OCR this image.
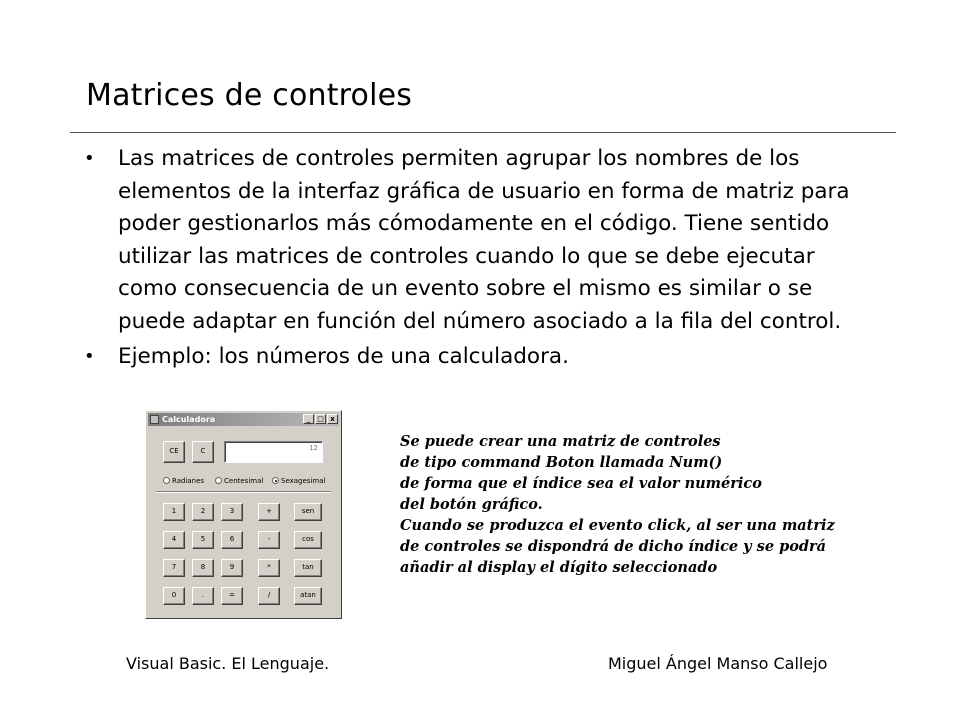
Matrices de controles
• Las matrices de controles permiten agrupar los nombres de los elementos de la interfaz gráfica de usuario en forma de matriz para poder gestionarlos más cómodamente en el código. Tiene sentido utilizar las matrices de controles cuando lo que se debe ejecutar como consecuencia de un evento sobre el mismo es similar o se puede adaptar en función del número asociado a la fila del control.
• Ejemplo: los números de una calculadora.
Calculadora	_ □ x
CE	C	12
Radianes	Centesimal	Sexagesimal
1	2	3	+	sen
4	5	6	-	cos
7	8	9	*	tan
0	.	=	/	atan
Se puede crear una matriz de controles
de tipo command Boton llamada Num()
de forma que el índice sea el valor numérico
del botón gráfico.
Cuando se produzca el evento click, al ser una matriz
de controles se dispondrá de dicho índice y se podrá
añadir al display el dígito seleccionado
Visual Basic. El Lenguaje.	Miguel Ángel Manso Callejo
